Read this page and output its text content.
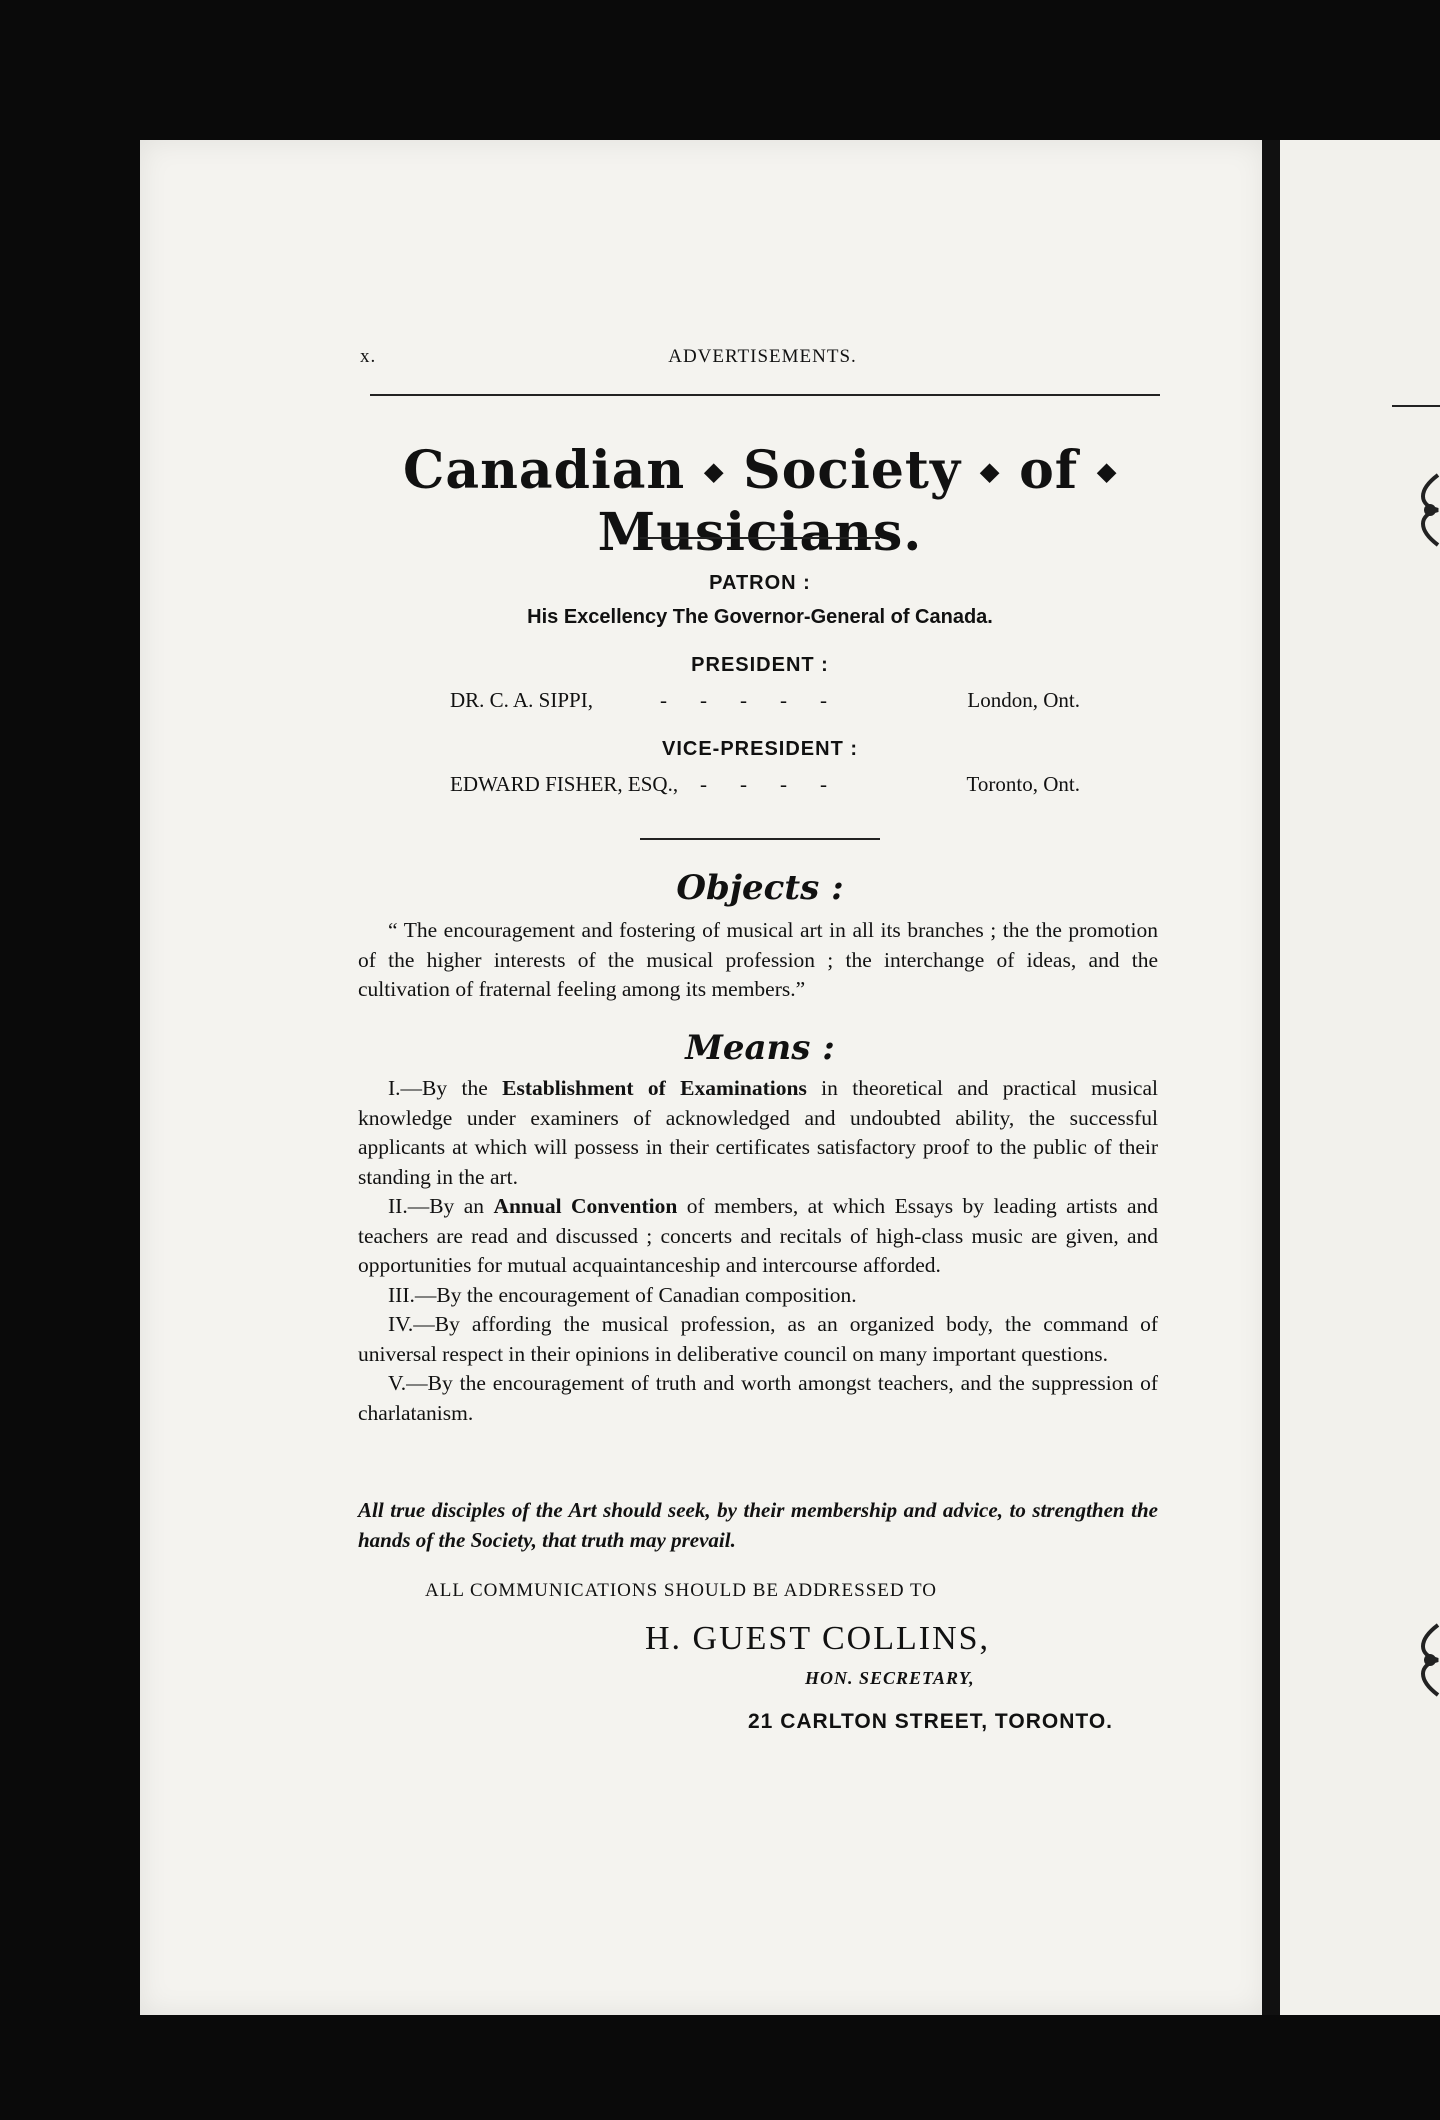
x.	ADVERTISEMENTS.
Canadian ⬩ Society ⬩ of ⬩ Musicians.
PATRON :
His Excellency The Governor-General of Canada.
PRESIDENT :
DR. C. A. SIPPI,	- - - - -	London, Ont.
VICE-PRESIDENT :
EDWARD FISHER, ESQ., - - - -	Toronto, Ont.
Objects :

“ The encouragement and fostering of musical art in all its branches ; the the promotion of the higher interests of the musical profession ; the interchange of ideas, and the cultivation of fraternal feeling among its members.”

Means :

I.—By the Establishment of Examinations in theoretical and practical musical knowledge under examiners of acknowledged and undoubted ability, the successful applicants at which will possess in their certificates satisfactory proof to the public of their standing in the art.

II.—By an Annual Convention of members, at which Essays by leading artists and teachers are read and discussed ; concerts and recitals of high-class music are given, and opportunities for mutual acquaintanceship and intercourse afforded.

III.—By the encouragement of Canadian composition.

IV.—By affording the musical profession, as an organized body, the command of universal respect in their opinions in deliberative council on many important questions.

V.—By the encouragement of truth and worth amongst teachers, and the suppression of charlatanism.

All true disciples of the Art should seek, by their membership and advice, to strengthen the hands of the Society, that truth may prevail.
ALL COMMUNICATIONS SHOULD BE ADDRESSED TO
H. GUEST COLLINS,
HON. SECRETARY,
21 CARLTON STREET, TORONTO.
